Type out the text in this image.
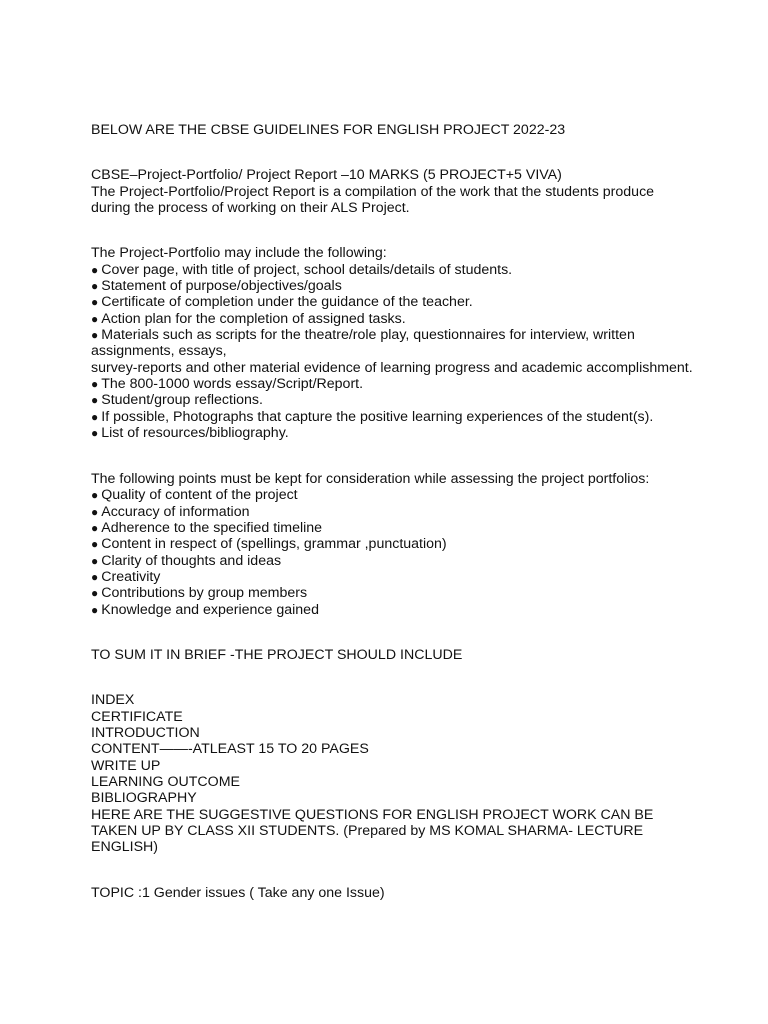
BELOW ARE THE CBSE GUIDELINES FOR ENGLISH PROJECT 2022-23
CBSE–Project-Portfolio/ Project Report –10 MARKS (5 PROJECT+5 VIVA)
The Project-Portfolio/Project Report is a compilation of the work that the students produce
during the process of working on their ALS Project.
The Project-Portfolio may include the following:
● Cover page, with title of project, school details/details of students.
● Statement of purpose/objectives/goals
● Certificate of completion under the guidance of the teacher.
● Action plan for the completion of assigned tasks.
● Materials such as scripts for the theatre/role play, questionnaires for interview, written
assignments, essays,
survey-reports and other material evidence of learning progress and academic accomplishment.
● The 800-1000 words essay/Script/Report.
● Student/group reflections.
● If possible, Photographs that capture the positive learning experiences of the student(s).
● List of resources/bibliography.
The following points must be kept for consideration while assessing the project portfolios:
● Quality of content of the project
● Accuracy of information
● Adherence to the specified timeline
● Content in respect of (spellings, grammar ,punctuation)
● Clarity of thoughts and ideas
● Creativity
● Contributions by group members
● Knowledge and experience gained
TO SUM IT IN BRIEF -THE PROJECT SHOULD INCLUDE
INDEX
CERTIFICATE
INTRODUCTION
CONTENT——-ATLEAST 15 TO 20 PAGES
WRITE UP
LEARNING OUTCOME
BIBLIOGRAPHY
HERE ARE THE SUGGESTIVE QUESTIONS FOR ENGLISH PROJECT WORK CAN BE
TAKEN UP BY CLASS XII STUDENTS. (Prepared by MS KOMAL SHARMA- LECTURE
ENGLISH)
TOPIC :1 Gender issues ( Take any one Issue)
